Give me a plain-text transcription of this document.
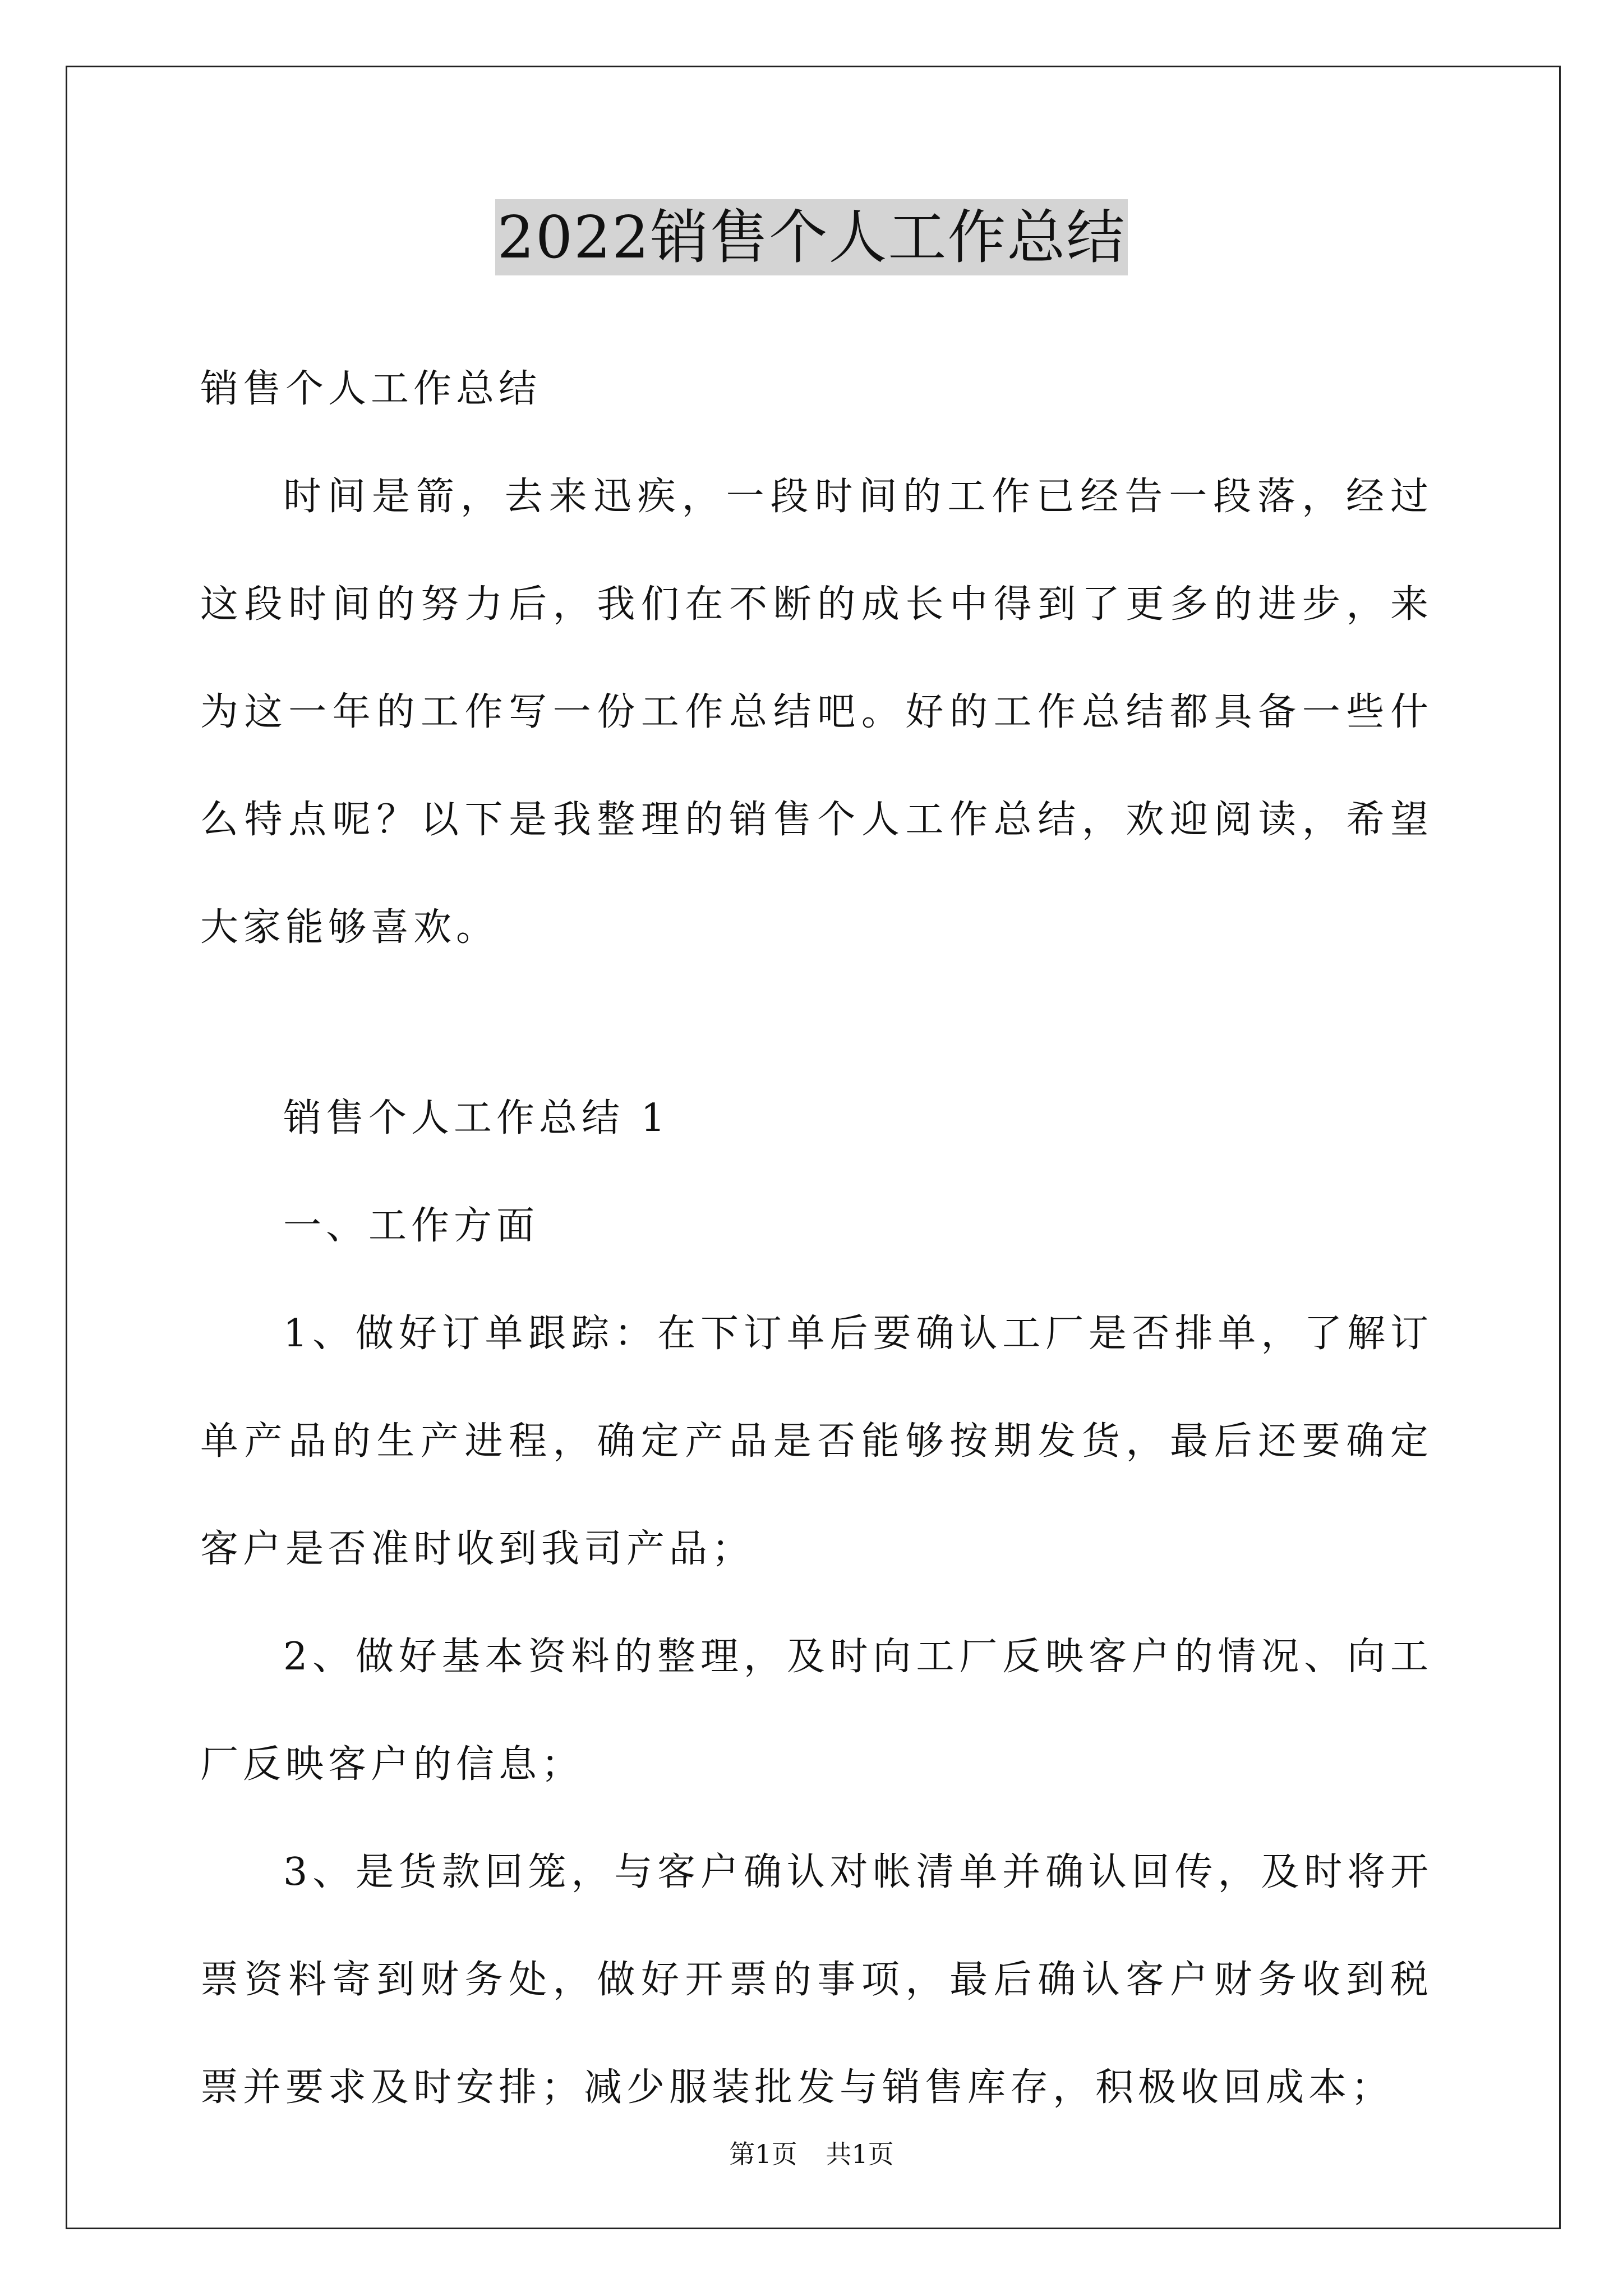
2022销售个人工作总结

销售个人工作总结

时间是箭，去来迅疾，一段时间的工作已经告一段落，经过这段时间的努力后，我们在不断的成长中得到了更多的进步，来为这一年的工作写一份工作总结吧。好的工作总结都具备一些什么特点呢？以下是我整理的销售个人工作总结，欢迎阅读，希望大家能够喜欢。

销售个人工作总结 1

一、工作方面

1、做好订单跟踪：在下订单后要确认工厂是否排单，了解订单产品的生产进程，确定产品是否能够按期发货，最后还要确定客户是否准时收到我司产品；

2、做好基本资料的整理，及时向工厂反映客户的情况、向工厂反映客户的信息；

3、是货款回笼，与客户确认对帐清单并确认回传，及时将开票资料寄到财务处，做好开票的事项，最后确认客户财务收到税票并要求及时安排；减少服装批发与销售库存，积极收回成本；

第1页 共1页
